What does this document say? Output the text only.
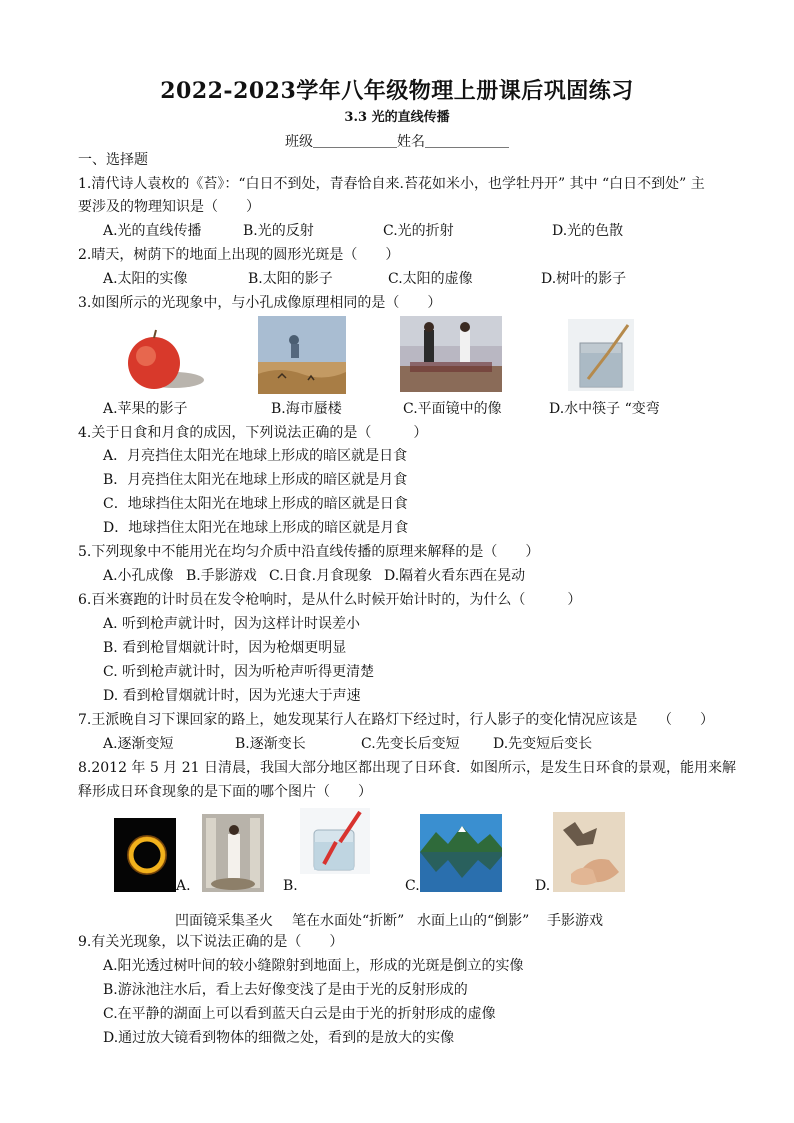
2022-2023学年八年级物理上册课后巩固练习
3.3 光的直线传播
班级＿＿＿＿＿＿姓名＿＿＿＿＿＿
一、选择题
1.清代诗人袁枚的《苔》：“白日不到处，青春恰自来.苔花如米小，也学牡丹开” 其中 “白日不到处” 主
要涉及的物理知识是（　　）
A.光的直线传播	B.光的反射	C.光的折射	D.光的色散
2.晴天，树荫下的地面上出现的圆形光斑是（　　）
A.太阳的实像	B.太阳的影子	C.太阳的虚像	D.树叶的影子
3.如图所示的光现象中，与小孔成像原理相同的是（　　）
A.苹果的影子	B.海市蜃楼	C.平面镜中的像	D.水中筷子 “变弯
4.关于日食和月食的成因，下列说法正确的是（　　　）
A．月亮挡住太阳光在地球上形成的暗区就是日食
B．月亮挡住太阳光在地球上形成的暗区就是月食
C．地球挡住太阳光在地球上形成的暗区就是日食
D．地球挡住太阳光在地球上形成的暗区就是月食
5.下列现象中不能用光在均匀介质中沿直线传播的原理来解释的是（　　）
A.小孔成像 B.手影游戏 C.日食.月食现象 D.隔着火看东西在晃动
6.百米赛跑的计时员在发令枪响时，是从什么时候开始计时的，为什么（　　　）
A. 听到枪声就计时，因为这样计时误差小
B. 看到枪冒烟就计时，因为枪烟更明显
C. 听到枪声就计时，因为听枪声听得更清楚
D. 看到枪冒烟就计时，因为光速大于声速
7.王派晚自习下课回家的路上，她发现某行人在路灯下经过时，行人影子的变化情况应该是 （　　）
A.逐渐变短	B.逐渐变长	C.先变长后变短 D.先变短后变长
8.2012 年 5 月 21 日清晨，我国大部分地区都出现了日环食．如图所示，是发生日环食的景观，能用来解
释形成日环食现象的是下面的哪个图片（　　）
A.	B.	C.	D.
凹面镜采集圣火 笔在水面处“折断” 水面上山的“倒影” 手影游戏
9.有关光现象，以下说法正确的是（　　）
A.阳光透过树叶间的较小缝隙射到地面上，形成的光斑是倒立的实像
B.游泳池注水后，看上去好像变浅了是由于光的反射形成的
C.在平静的湖面上可以看到蓝天白云是由于光的折射形成的虚像
D.通过放大镜看到物体的细微之处，看到的是放大的实像
